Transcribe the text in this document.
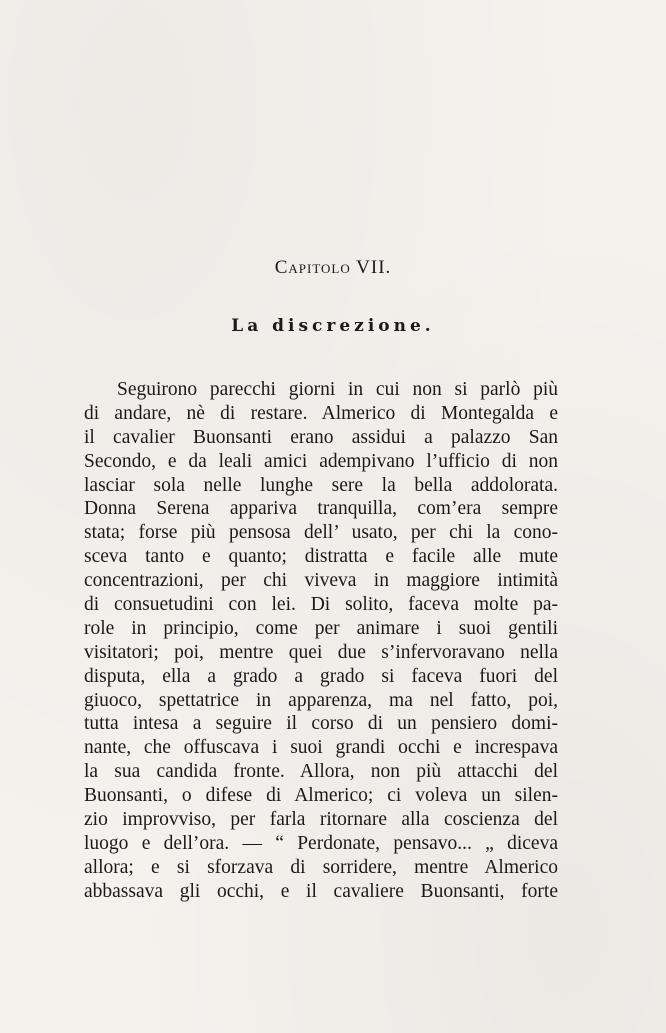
Capitolo VII.
La discrezione.
Seguirono parecchi giorni in cui non si parlò più
di andare, nè di restare. Almerico di Montegalda e
il cavalier Buonsanti erano assidui a palazzo San
Secondo, e da leali amici adempivano l’ufficio di non
lasciar sola nelle lunghe sere la bella addolorata.
Donna Serena appariva tranquilla, com’era sempre
stata; forse più pensosa dell’ usato, per chi la cono-
sceva tanto e quanto; distratta e facile alle mute
concentrazioni, per chi viveva in maggiore intimità
di consuetudini con lei. Di solito, faceva molte pa-
role in principio, come per animare i suoi gentili
visitatori; poi, mentre quei due s’infervoravano nella
disputa, ella a grado a grado si faceva fuori del
giuoco, spettatrice in apparenza, ma nel fatto, poi,
tutta intesa a seguire il corso di un pensiero domi-
nante, che offuscava i suoi grandi occhi e increspava
la sua candida fronte. Allora, non più attacchi del
Buonsanti, o difese di Almerico; ci voleva un silen-
zio improvviso, per farla ritornare alla coscienza del
luogo e dell’ora. — “ Perdonate, pensavo... „ diceva
allora; e si sforzava di sorridere, mentre Almerico
abbassava gli occhi, e il cavaliere Buonsanti, forte
